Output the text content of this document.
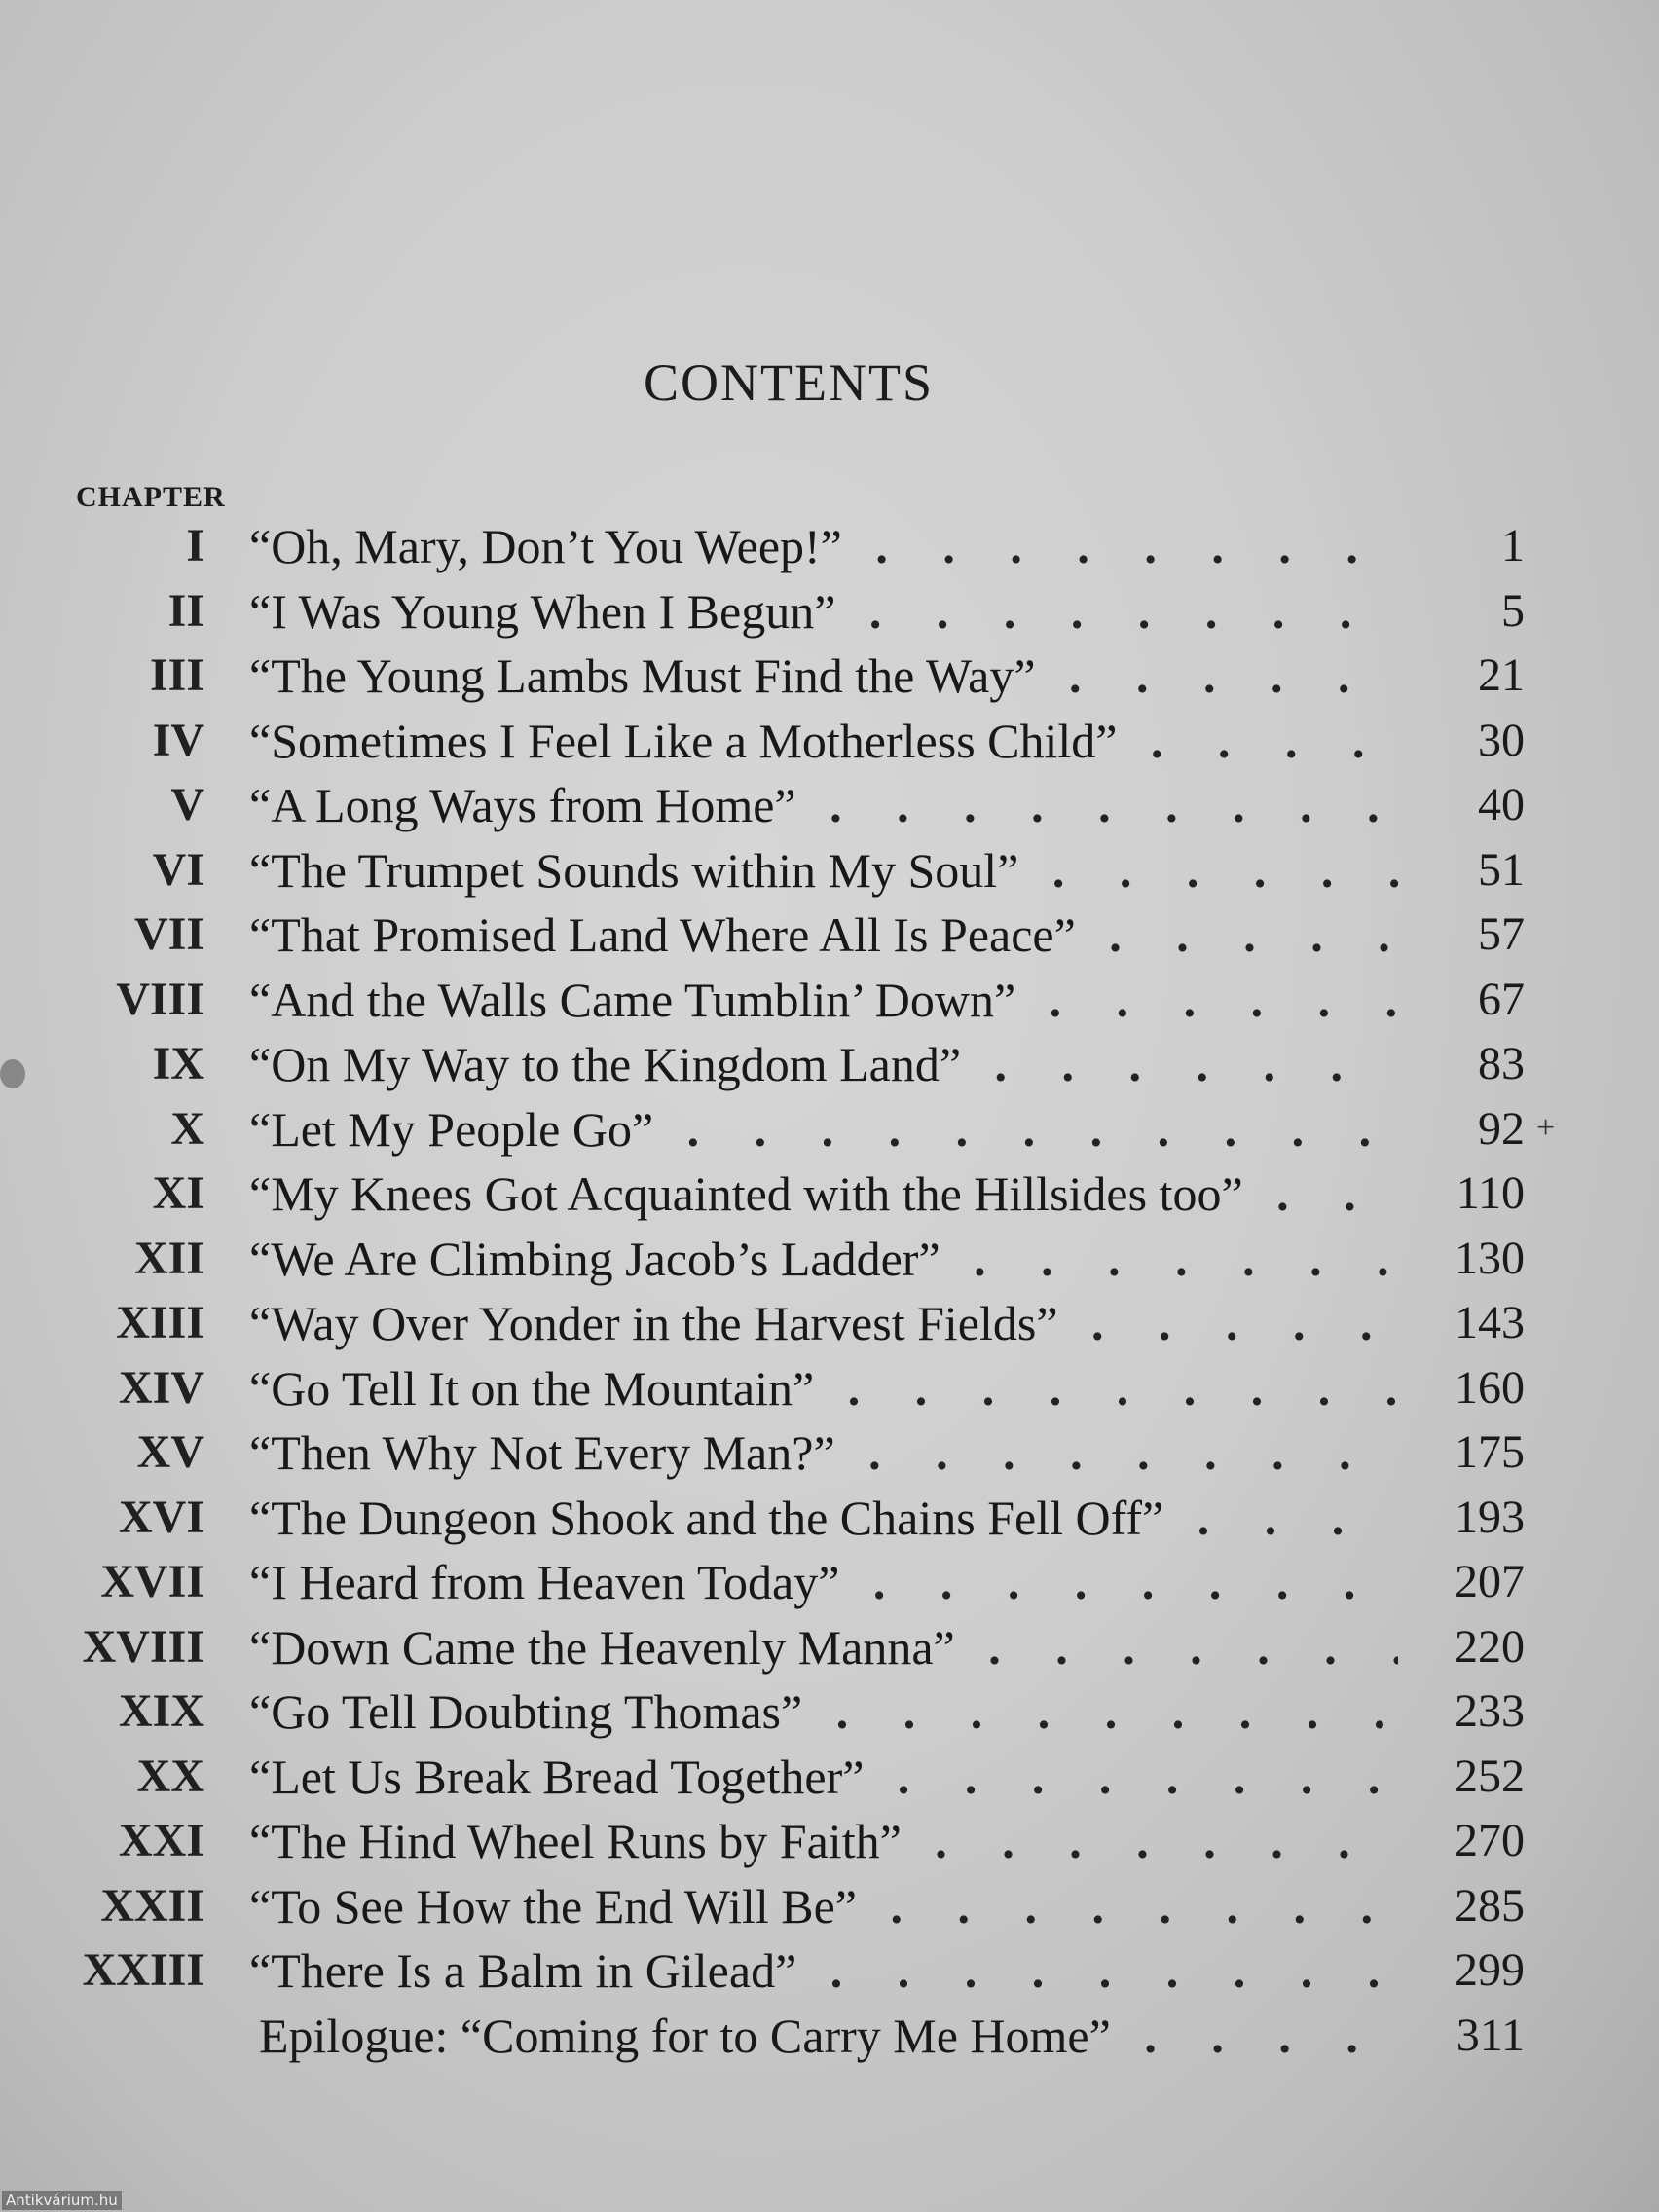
CONTENTS
CHAPTER
I “Oh, Mary, Don’t You Weep!” . . .	1
II “I Was Young When I Begun” . . .	5
III “The Young Lambs Must Find the Way” . . .	21
IV “Sometimes I Feel Like a Motherless Child” . . .	30
V “A Long Ways from Home” . . .	40
VI “The Trumpet Sounds within My Soul” . . .	51
VII “That Promised Land Where All Is Peace” . . .	57
VIII “And the Walls Came Tumblin’ Down” . . .	67
IX “On My Way to the Kingdom Land” . . .	83
X “Let My People Go” . . .	92
XI “My Knees Got Acquainted with the Hillsides too” . . .	110
XII “We Are Climbing Jacob’s Ladder” . . .	130
XIII “Way Over Yonder in the Harvest Fields” . . .	143
XIV “Go Tell It on the Mountain” . . .	160
XV “Then Why Not Every Man?” . . .	175
XVI “The Dungeon Shook and the Chains Fell Off” . . .	193
XVII “I Heard from Heaven Today” . . .	207
XVIII “Down Came the Heavenly Manna” . . .	220
XIX “Go Tell Doubting Thomas” . . .	233
XX “Let Us Break Bread Together” . . .	252
XXI “The Hind Wheel Runs by Faith” . . .	270
XXII “To See How the End Will Be” . . .	285
XXIII “There Is a Balm in Gilead” . . .	299
Epilogue: “Coming for to Carry Me Home” . . .	311
+
Antikvárium.hu
